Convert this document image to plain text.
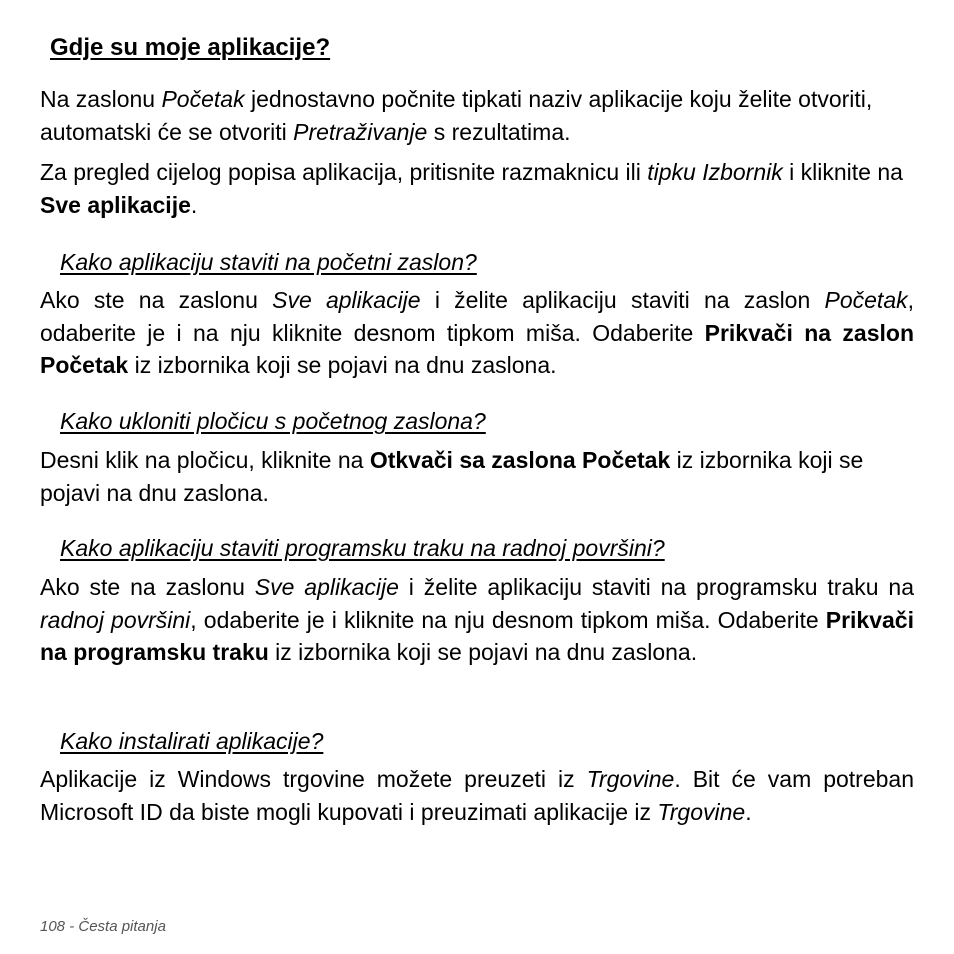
Gdje su moje aplikacije?

Na zaslonu Početak jednostavno počnite tipkati naziv aplikacije koju želite otvoriti, automatski će se otvoriti Pretraživanje s rezultatima.

Za pregled cijelog popisa aplikacija, pritisnite razmaknicu ili tipku Izbornik i kliknite na Sve aplikacije.

Kako aplikaciju staviti na početni zaslon?

Ako ste na zaslonu Sve aplikacije i želite aplikaciju staviti na zaslon Početak, odaberite je i na nju kliknite desnom tipkom miša. Odaberite Prikvači na zaslon Početak iz izbornika koji se pojavi na dnu zaslona.

Kako ukloniti pločicu s početnog zaslona?

Desni klik na pločicu, kliknite na Otkvači sa zaslona Početak iz izbornika koji se pojavi na dnu zaslona.

Kako aplikaciju staviti programsku traku na radnoj površini?

Ako ste na zaslonu Sve aplikacije i želite aplikaciju staviti na programsku traku na radnoj površini, odaberite je i kliknite na nju desnom tipkom miša. Odaberite Prikvači na programsku traku iz izbornika koji se pojavi na dnu zaslona.

Kako instalirati aplikacije?

Aplikacije iz Windows trgovine možete preuzeti iz Trgovine. Bit će vam potreban Microsoft ID da biste mogli kupovati i preuzimati aplikacije iz Trgovine.

108 - Česta pitanja
